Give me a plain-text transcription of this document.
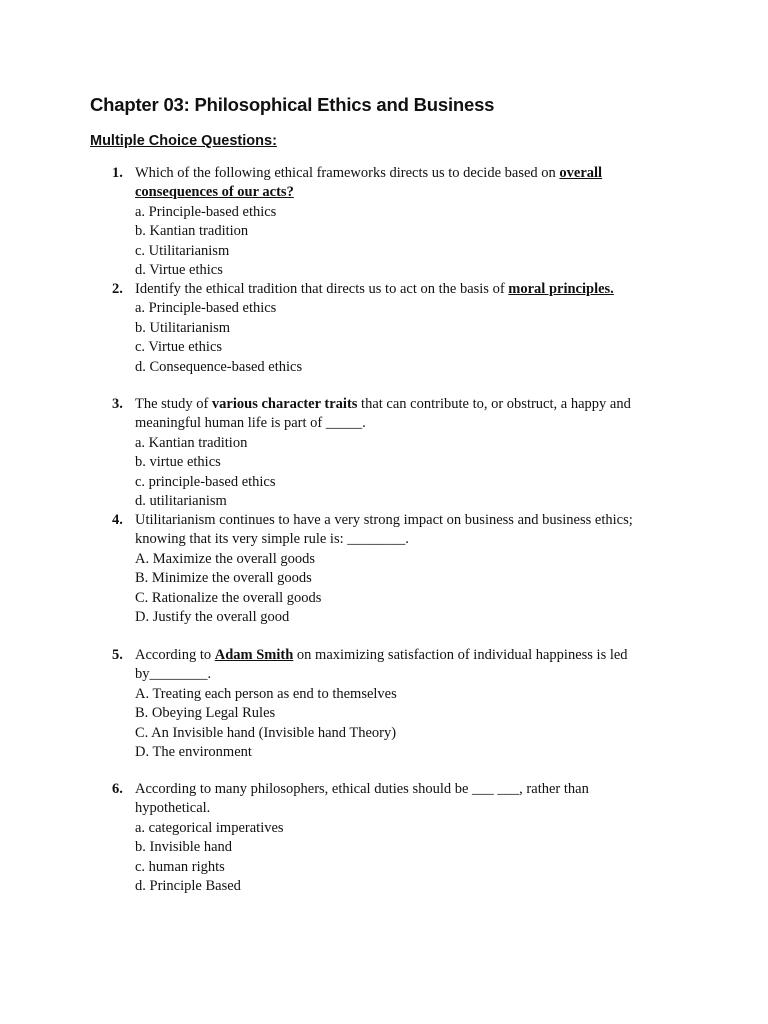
Chapter 03: Philosophical Ethics and Business
Multiple Choice Questions:
1. Which of the following ethical frameworks directs us to decide based on overall consequences of our acts?
a. Principle-based ethics
b. Kantian tradition
c. Utilitarianism
d. Virtue ethics
2. Identify the ethical tradition that directs us to act on the basis of moral principles.
a. Principle-based ethics
b. Utilitarianism
c. Virtue ethics
d. Consequence-based ethics
3. The study of various character traits that can contribute to, or obstruct, a happy and meaningful human life is part of _____.
a. Kantian tradition
b. virtue ethics
c. principle-based ethics
d. utilitarianism
4. Utilitarianism continues to have a very strong impact on business and business ethics; knowing that its very simple rule is: ________.
A. Maximize the overall goods
B. Minimize the overall goods
C. Rationalize the overall goods
D. Justify the overall good
5. According to Adam Smith on maximizing satisfaction of individual happiness is led by________.
A. Treating each person as end to themselves
B. Obeying Legal Rules
C. An Invisible hand (Invisible hand Theory)
D. The environment
6. According to many philosophers, ethical duties should be ___ ___, rather than hypothetical.
a. categorical imperatives
b. Invisible hand
c. human rights
d. Principle Based
